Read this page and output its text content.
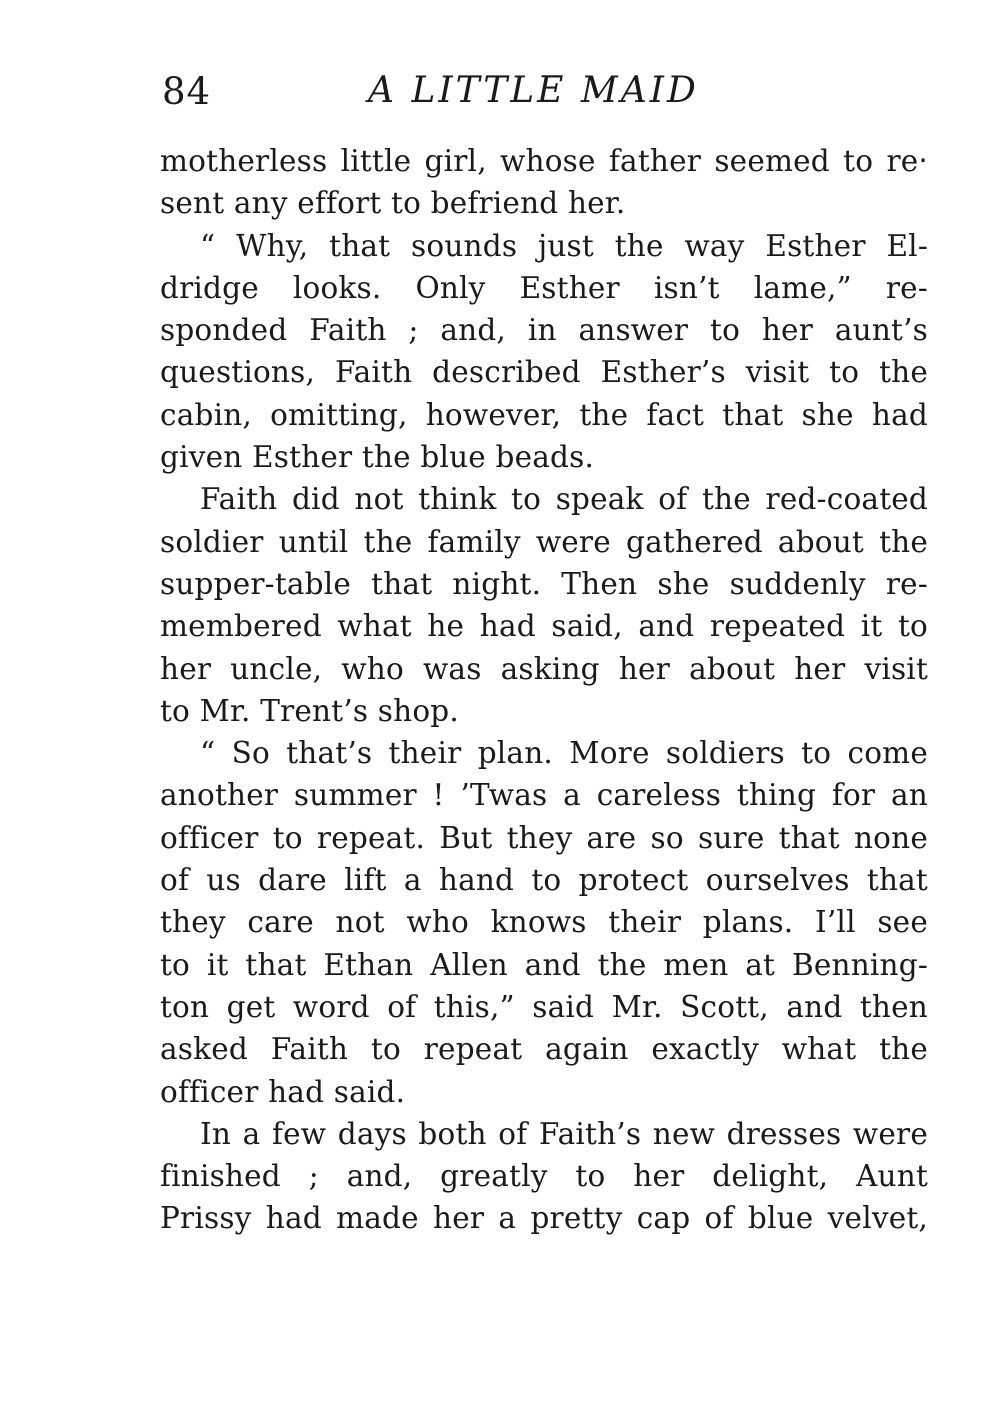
84	A LITTLE MAID
motherless little girl, whose father seemed to re‧
sent any effort to befriend her.
“ Why, that sounds just the way Esther El-
dridge looks. Only Esther isn’t lame,” re-
sponded Faith ; and, in answer to her aunt’s
questions, Faith described Esther’s visit to the
cabin, omitting, however, the fact that she had
given Esther the blue beads.
Faith did not think to speak of the red-coated
soldier until the family were gathered about the
supper-table that night. Then she suddenly re-
membered what he had said, and repeated it to
her uncle, who was asking her about her visit
to Mr. Trent’s shop.
“ So that’s their plan. More soldiers to come
another summer ! ’Twas a careless thing for an
officer to repeat. But they are so sure that none
of us dare lift a hand to protect ourselves that
they care not who knows their plans. I’ll see
to it that Ethan Allen and the men at Benning-
ton get word of this,” said Mr. Scott, and then
asked Faith to repeat again exactly what the
officer had said.
In a few days both of Faith’s new dresses were
finished ; and, greatly to her delight, Aunt
Prissy had made her a pretty cap of blue velvet,
